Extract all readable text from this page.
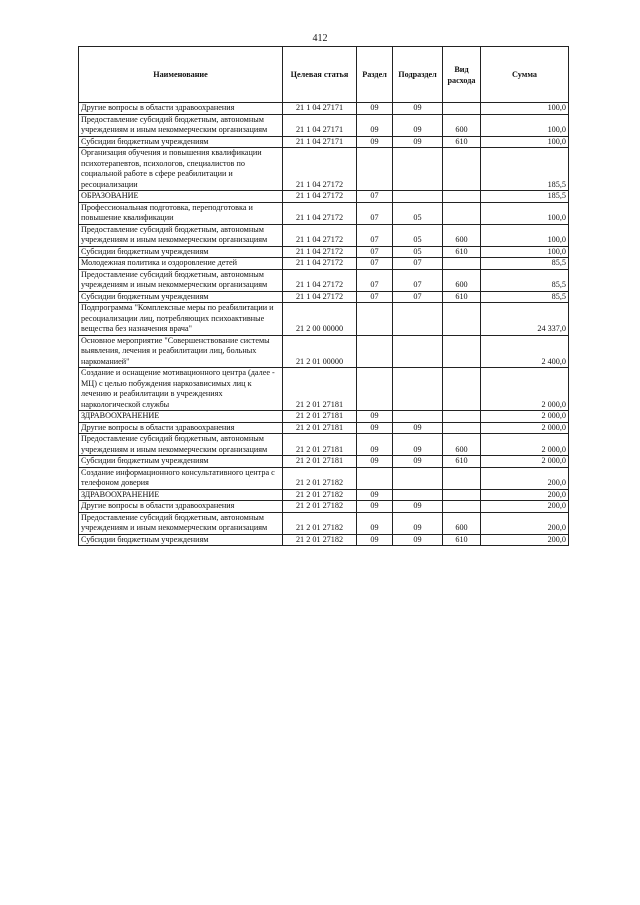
412
Наименование	Целевая статья	Раздел	Подраздел	Вид расхода	Сумма
Другие вопросы в области здравоохранения	21 1 04 27171	09	09		100,0
Предоставление субсидий бюджетным, автономным учреждениям и иным некоммерческим организациям	21 1 04 27171	09	09	600	100,0
Субсидии бюджетным учреждениям	21 1 04 27171	09	09	610	100,0
Организация обучения и повышения квалификации психотерапевтов, психологов, специалистов по социальной работе в сфере реабилитации и ресоциализации	21 1 04 27172				185,5
ОБРАЗОВАНИЕ	21 1 04 27172	07			185,5
Профессиональная подготовка, переподготовка и повышение квалификации	21 1 04 27172	07	05		100,0
Предоставление субсидий бюджетным, автономным учреждениям и иным некоммерческим организациям	21 1 04 27172	07	05	600	100,0
Субсидии бюджетным учреждениям	21 1 04 27172	07	05	610	100,0
Молодежная политика и оздоровление детей	21 1 04 27172	07	07		85,5
Предоставление субсидий бюджетным, автономным учреждениям и иным некоммерческим организациям	21 1 04 27172	07	07	600	85,5
Субсидии бюджетным учреждениям	21 1 04 27172	07	07	610	85,5
Подпрограмма "Комплексные меры по реабилитации и ресоциализации лиц, потребляющих психоактивные вещества без назначения врача"	21 2 00 00000				24 337,0
Основное мероприятие "Совершенствование системы выявления, лечения и реабилитации лиц, больных наркоманией"	21 2 01 00000				2 400,0
Создание и оснащение мотивационного центра (далее - МЦ) с целью побуждения наркозависимых лиц к лечению и реабилитации в учреждениях наркологической службы	21 2 01 27181				2 000,0
ЗДРАВООХРАНЕНИЕ	21 2 01 27181	09			2 000,0
Другие вопросы в области здравоохранения	21 2 01 27181	09	09		2 000,0
Предоставление субсидий бюджетным, автономным учреждениям и иным некоммерческим организациям	21 2 01 27181	09	09	600	2 000,0
Субсидии бюджетным учреждениям	21 2 01 27181	09	09	610	2 000,0
Создание информационного консультативного центра с телефоном доверия	21 2 01 27182				200,0
ЗДРАВООХРАНЕНИЕ	21 2 01 27182	09			200,0
Другие вопросы в области здравоохранения	21 2 01 27182	09	09		200,0
Предоставление субсидий бюджетным, автономным учреждениям и иным некоммерческим организациям	21 2 01 27182	09	09	600	200,0
Субсидии бюджетным учреждениям	21 2 01 27182	09	09	610	200,0
